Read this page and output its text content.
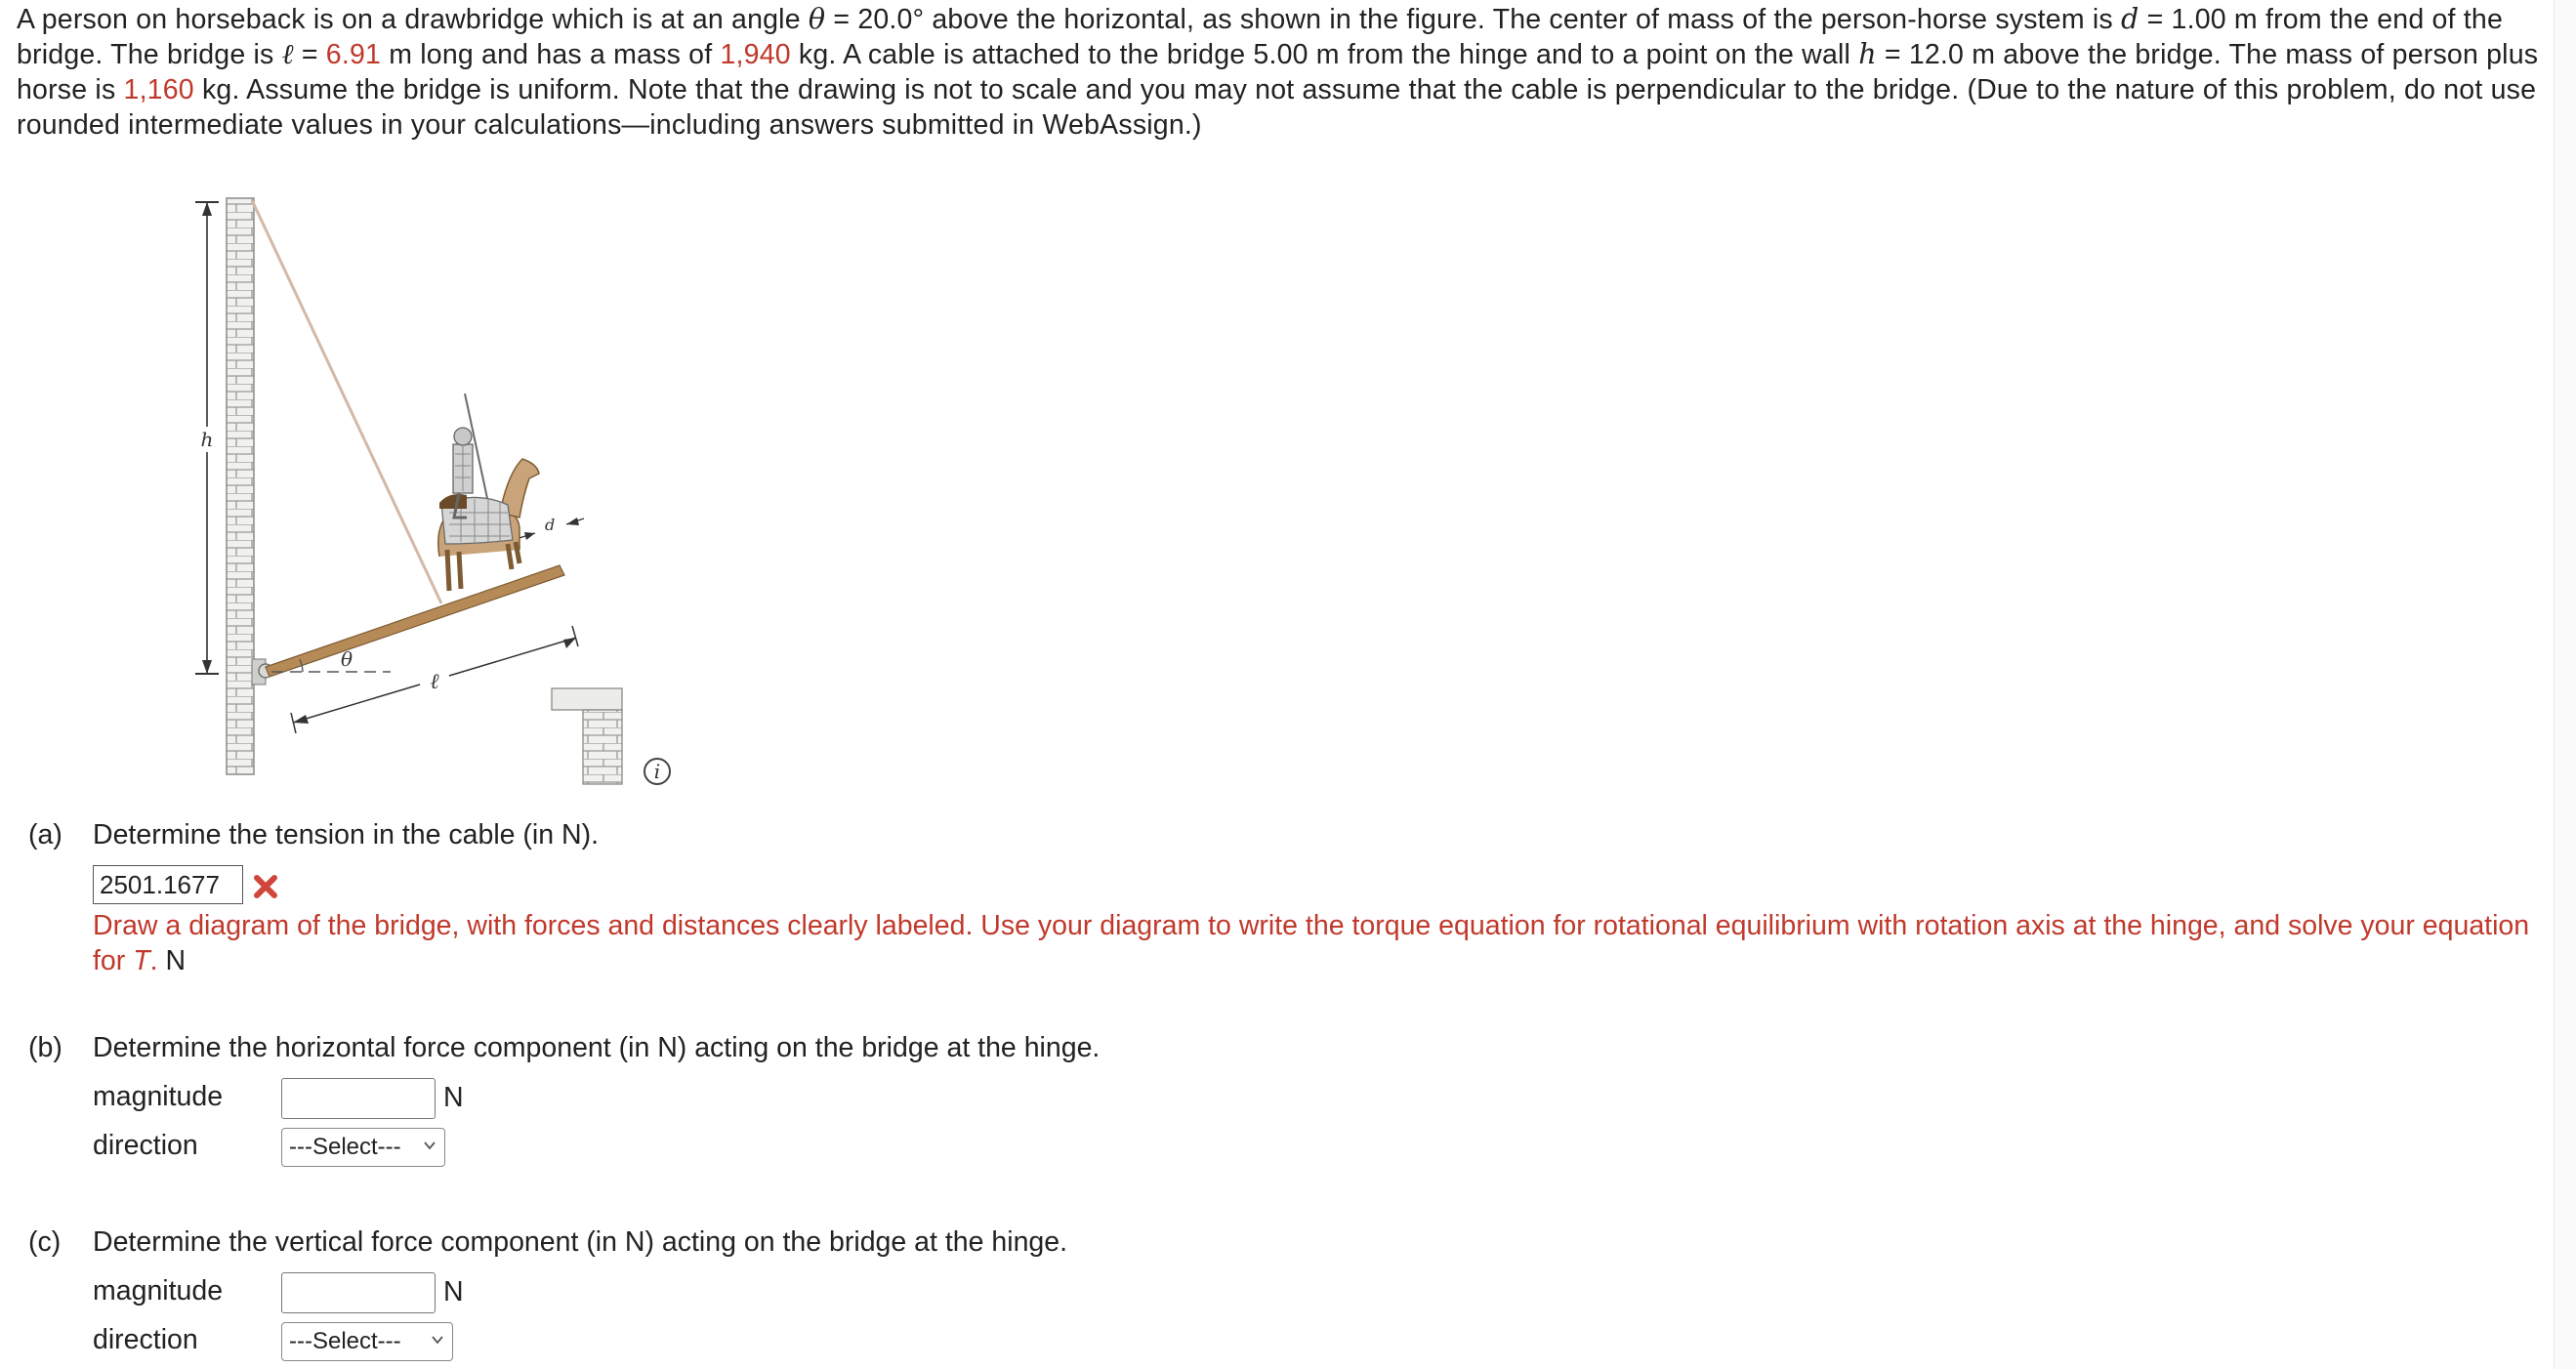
A person on horseback is on a drawbridge which is at an angle θ = 20.0° above the horizontal, as shown in the figure. The center of mass of the person-horse system is d = 1.00 m from the end of the bridge. The bridge is ℓ = 6.91 m long and has a mass of 1,940 kg. A cable is attached to the bridge 5.00 m from the hinge and to a point on the wall h = 12.0 m above the bridge. The mass of person plus horse is 1,160 kg. Assume the bridge is uniform. Note that the drawing is not to scale and you may not assume that the cable is perpendicular to the bridge. (Due to the nature of this problem, do not use rounded intermediate values in your calculations—including answers submitted in WebAssign.)
h
θ
ℓ
d
i
(a) Determine the tension in the cable (in N).
2501.1677
Draw a diagram of the bridge, with forces and distances clearly labeled. Use your diagram to write the torque equation for rotational equilibrium with rotation axis at the hinge, and solve your equation for T. N
(b) Determine the horizontal force component (in N) acting on the bridge at the hinge.
magnitude	N
direction	---Select---
(c) Determine the vertical force component (in N) acting on the bridge at the hinge.
magnitude	N
direction	---Select---
